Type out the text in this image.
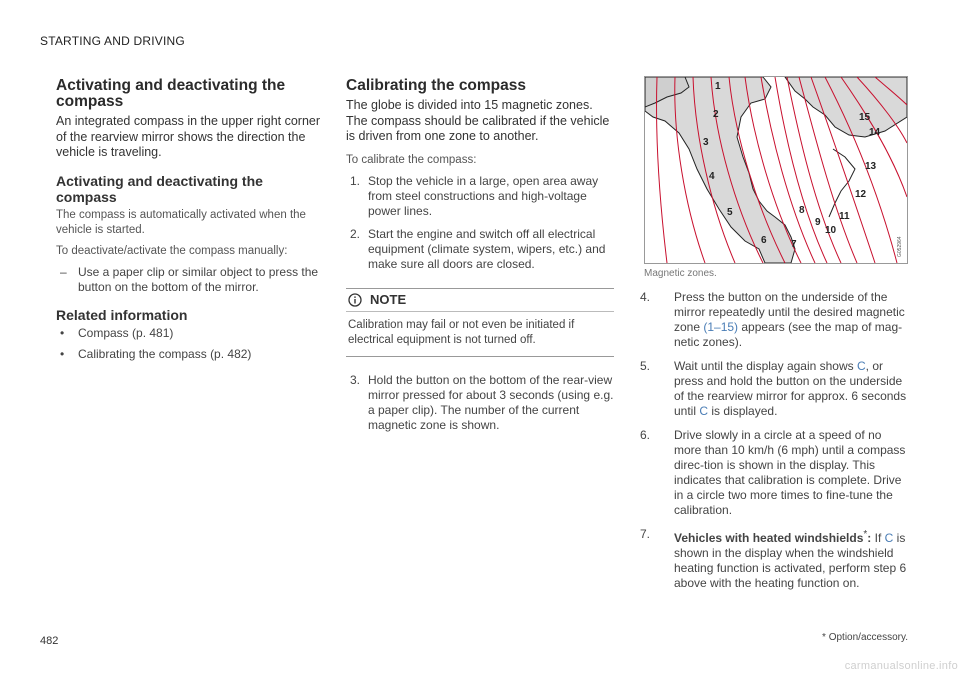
STARTING AND DRIVING
Activating and deactivating the compass

An integrated compass in the upper right corner of the rearview mirror shows the direction the vehicle is traveling.

Activating and deactivating the compass

The compass is automatically activated when the vehicle is started.

To deactivate/activate the compass manually:

– Use a paper clip or similar object to press the button on the bottom of the mirror.
Related information
• Compass (p. 481)
• Calibrating the compass (p. 482)
Calibrating the compass

The globe is divided into 15 magnetic zones. The compass should be calibrated if the vehicle is driven from one zone to another.

To calibrate the compass:

1. Stop the vehicle in a large, open area away from steel constructions and high-voltage power lines.
2. Start the engine and switch off all electrical equipment (climate system, wipers, etc.) and make sure all doors are closed.
NOTE
Calibration may fail or not even be initiated if electrical equipment is not turned off.
3. Hold the button on the bottom of the rear-view mirror pressed for about 3 seconds (using e.g. a paper clip). The number of the current magnetic zone is shown.
1
2
3
4
5
6 7
8
9
10
11
12
13
14
15
G052964
Magnetic zones.
4. Press the button on the underside of the mirror repeatedly until the desired magnetic zone (1–15) appears (see the map of mag-netic zones).
5. Wait until the display again shows C, or press and hold the button on the underside of the rearview mirror for approx. 6 seconds until C is displayed.
6. Drive slowly in a circle at a speed of no more than 10 km/h (6 mph) until a compass direc-tion is shown in the display. This indicates that calibration is complete. Drive in a circle two more times to fine-tune the calibration.
7. Vehicles with heated windshields*: If C is shown in the display when the windshield heating function is activated, perform step 6 above with the heating function on.
* Option/accessory.
482
carmanualsonline.info
